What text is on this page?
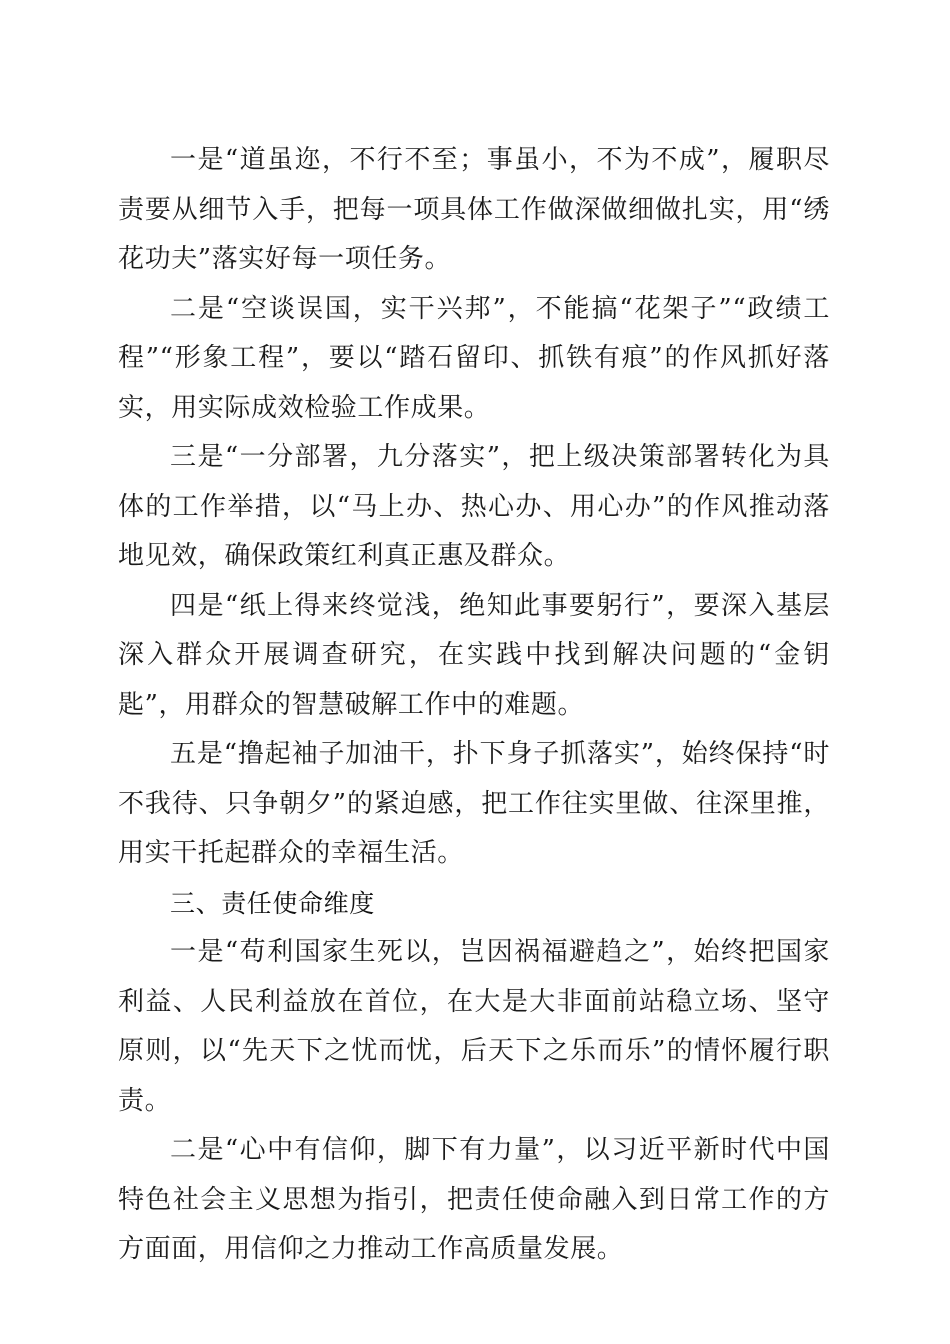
一是“道虽迩，不行不至；事虽小，不为不成”，履职尽责要从细节入手，把每一项具体工作做深做细做扎实，用“绣花功夫”落实好每一项任务。

二是“空谈误国，实干兴邦”，不能搞“花架子”“政绩工程”“形象工程”，要以“踏石留印、抓铁有痕”的作风抓好落实，用实际成效检验工作成果。

三是“一分部署，九分落实”，把上级决策部署转化为具体的工作举措，以“马上办、热心办、用心办”的作风推动落地见效，确保政策红利真正惠及群众。

四是“纸上得来终觉浅，绝知此事要躬行”，要深入基层深入群众开展调查研究，在实践中找到解决问题的“金钥匙”，用群众的智慧破解工作中的难题。

五是“撸起袖子加油干，扑下身子抓落实”，始终保持“时不我待、只争朝夕”的紧迫感，把工作往实里做、往深里推，用实干托起群众的幸福生活。

三、责任使命维度

一是“苟利国家生死以，岂因祸福避趋之”，始终把国家利益、人民利益放在首位，在大是大非面前站稳立场、坚守原则，以“先天下之忧而忧，后天下之乐而乐”的情怀履行职责。

二是“心中有信仰，脚下有力量”，以习近平新时代中国特色社会主义思想为指引，把责任使命融入到日常工作的方方面面，用信仰之力推动工作高质量发展。
